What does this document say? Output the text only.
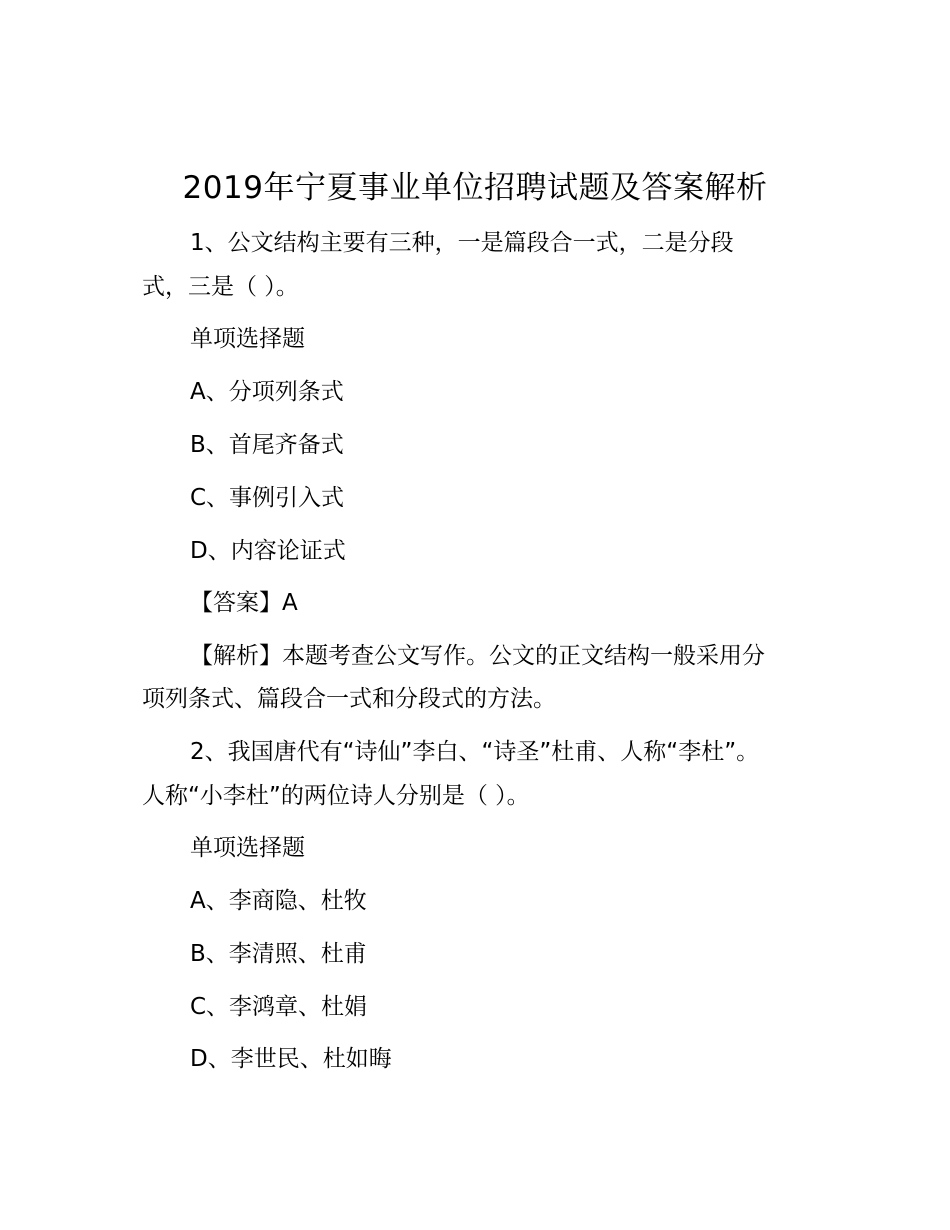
2019年宁夏事业单位招聘试题及答案解析
1、公文结构主要有三种，一是篇段合一式，二是分段
式，三是（ ）。
单项选择题
A、分项列条式
B、首尾齐备式
C、事例引入式
D、内容论证式
【答案】A
【解析】本题考查公文写作。公文的正文结构一般采用分
项列条式、篇段合一式和分段式的方法。
2、我国唐代有“诗仙”李白、“诗圣”杜甫、人称“李杜”。
人称“小李杜”的两位诗人分别是（ ）。
单项选择题
A、李商隐、杜牧
B、李清照、杜甫
C、李鸿章、杜娟
D、李世民、杜如晦
